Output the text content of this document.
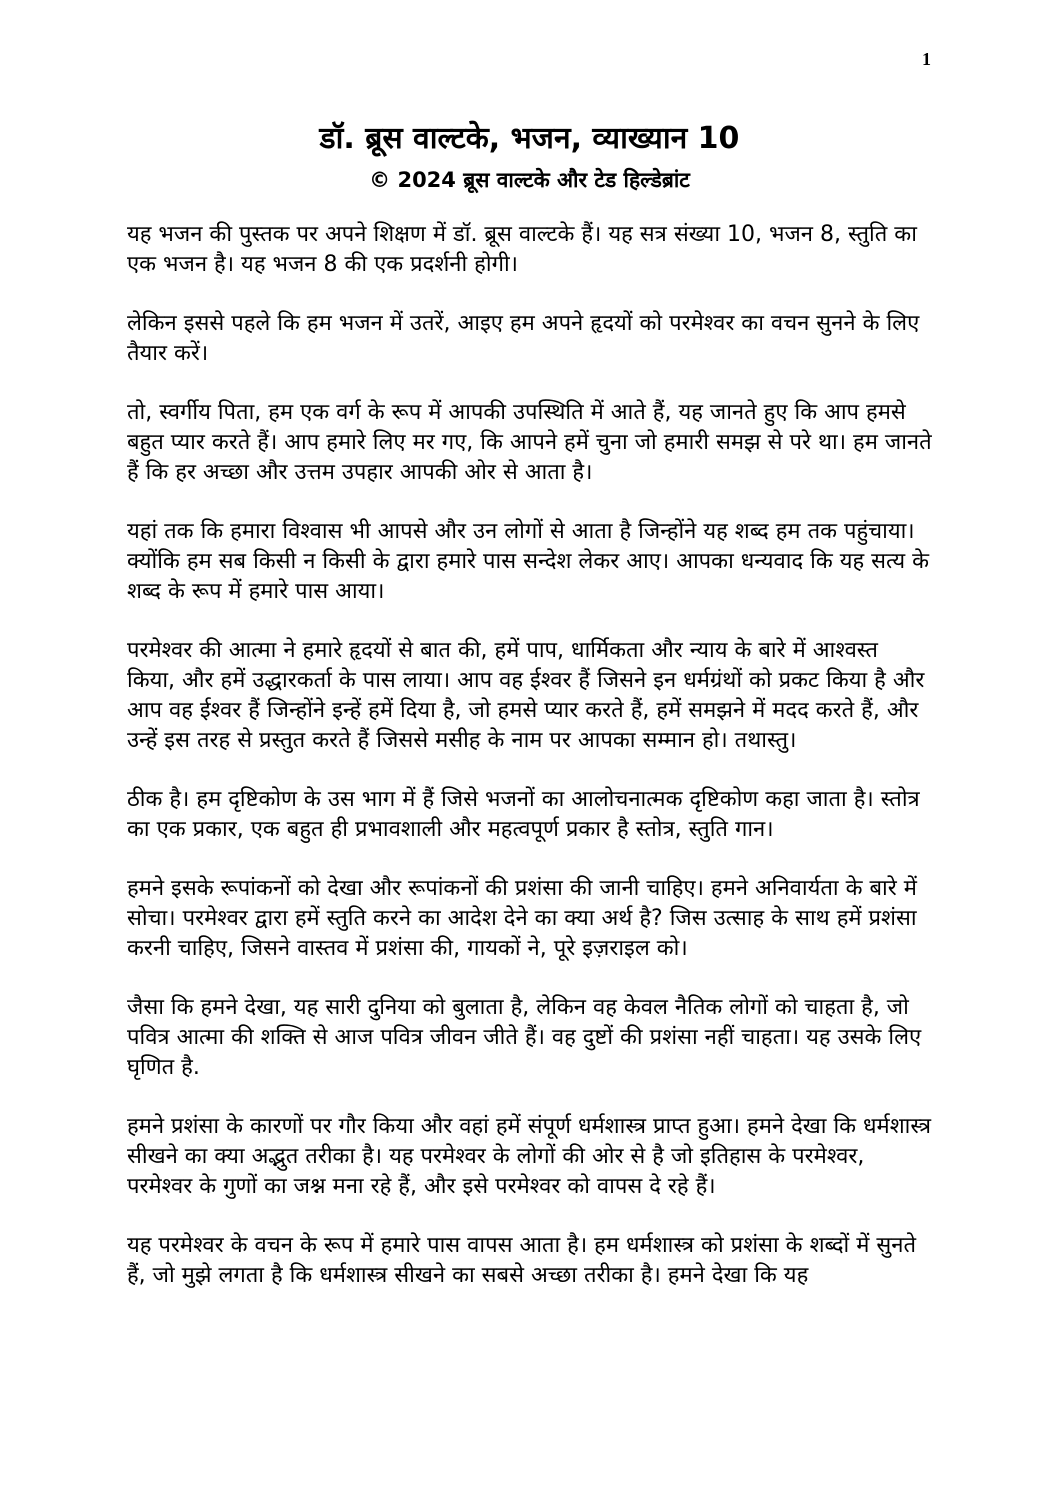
1
डॉ. ब्रूस वाल्टके, भजन, व्याख्यान 10
© 2024 ब्रूस वाल्टके और टेड हिल्डेब्रांट

यह भजन की पुस्तक पर अपने शिक्षण में डॉ. ब्रूस वाल्टके हैं। यह सत्र संख्या 10, भजन 8, स्तुति का एक भजन है। यह भजन 8 की एक प्रदर्शनी होगी।

लेकिन इससे पहले कि हम भजन में उतरें, आइए हम अपने हृदयों को परमेश्वर का वचन सुनने के लिए तैयार करें।

तो, स्वर्गीय पिता, हम एक वर्ग के रूप में आपकी उपस्थिति में आते हैं, यह जानते हुए कि आप हमसे बहुत प्यार करते हैं। आप हमारे लिए मर गए, कि आपने हमें चुना जो हमारी समझ से परे था। हम जानते हैं कि हर अच्छा और उत्तम उपहार आपकी ओर से आता है।

यहां तक कि हमारा विश्वास भी आपसे और उन लोगों से आता है जिन्होंने यह शब्द हम तक पहुंचाया। क्योंकि हम सब किसी न किसी के द्वारा हमारे पास सन्देश लेकर आए। आपका धन्यवाद कि यह सत्य के शब्द के रूप में हमारे पास आया।

परमेश्वर की आत्मा ने हमारे हृदयों से बात की, हमें पाप, धार्मिकता और न्याय के बारे में आश्वस्त किया, और हमें उद्धारकर्ता के पास लाया। आप वह ईश्वर हैं जिसने इन धर्मग्रंथों को प्रकट किया है और आप वह ईश्वर हैं जिन्होंने इन्हें हमें दिया है, जो हमसे प्यार करते हैं, हमें समझने में मदद करते हैं, और उन्हें इस तरह से प्रस्तुत करते हैं जिससे मसीह के नाम पर आपका सम्मान हो। तथास्तु।

ठीक है। हम दृष्टिकोण के उस भाग में हैं जिसे भजनों का आलोचनात्मक दृष्टिकोण कहा जाता है। स्तोत्र का एक प्रकार, एक बहुत ही प्रभावशाली और महत्वपूर्ण प्रकार है स्तोत्र, स्तुति गान।

हमने इसके रूपांकनों को देखा और रूपांकनों की प्रशंसा की जानी चाहिए। हमने अनिवार्यता के बारे में सोचा। परमेश्वर द्वारा हमें स्तुति करने का आदेश देने का क्या अर्थ है? जिस उत्साह के साथ हमें प्रशंसा करनी चाहिए, जिसने वास्तव में प्रशंसा की, गायकों ने, पूरे इज़राइल को।

जैसा कि हमने देखा, यह सारी दुनिया को बुलाता है, लेकिन वह केवल नैतिक लोगों को चाहता है, जो पवित्र आत्मा की शक्ति से आज पवित्र जीवन जीते हैं। वह दुष्टों की प्रशंसा नहीं चाहता। यह उसके लिए घृणित है.

हमने प्रशंसा के कारणों पर गौर किया और वहां हमें संपूर्ण धर्मशास्त्र प्राप्त हुआ। हमने देखा कि धर्मशास्त्र सीखने का क्या अद्भुत तरीका है। यह परमेश्वर के लोगों की ओर से है जो इतिहास के परमेश्वर, परमेश्वर के गुणों का जश्न मना रहे हैं, और इसे परमेश्वर को वापस दे रहे हैं।

यह परमेश्वर के वचन के रूप में हमारे पास वापस आता है। हम धर्मशास्त्र को प्रशंसा के शब्दों में सुनते हैं, जो मुझे लगता है कि धर्मशास्त्र सीखने का सबसे अच्छा तरीका है। हमने देखा कि यह
